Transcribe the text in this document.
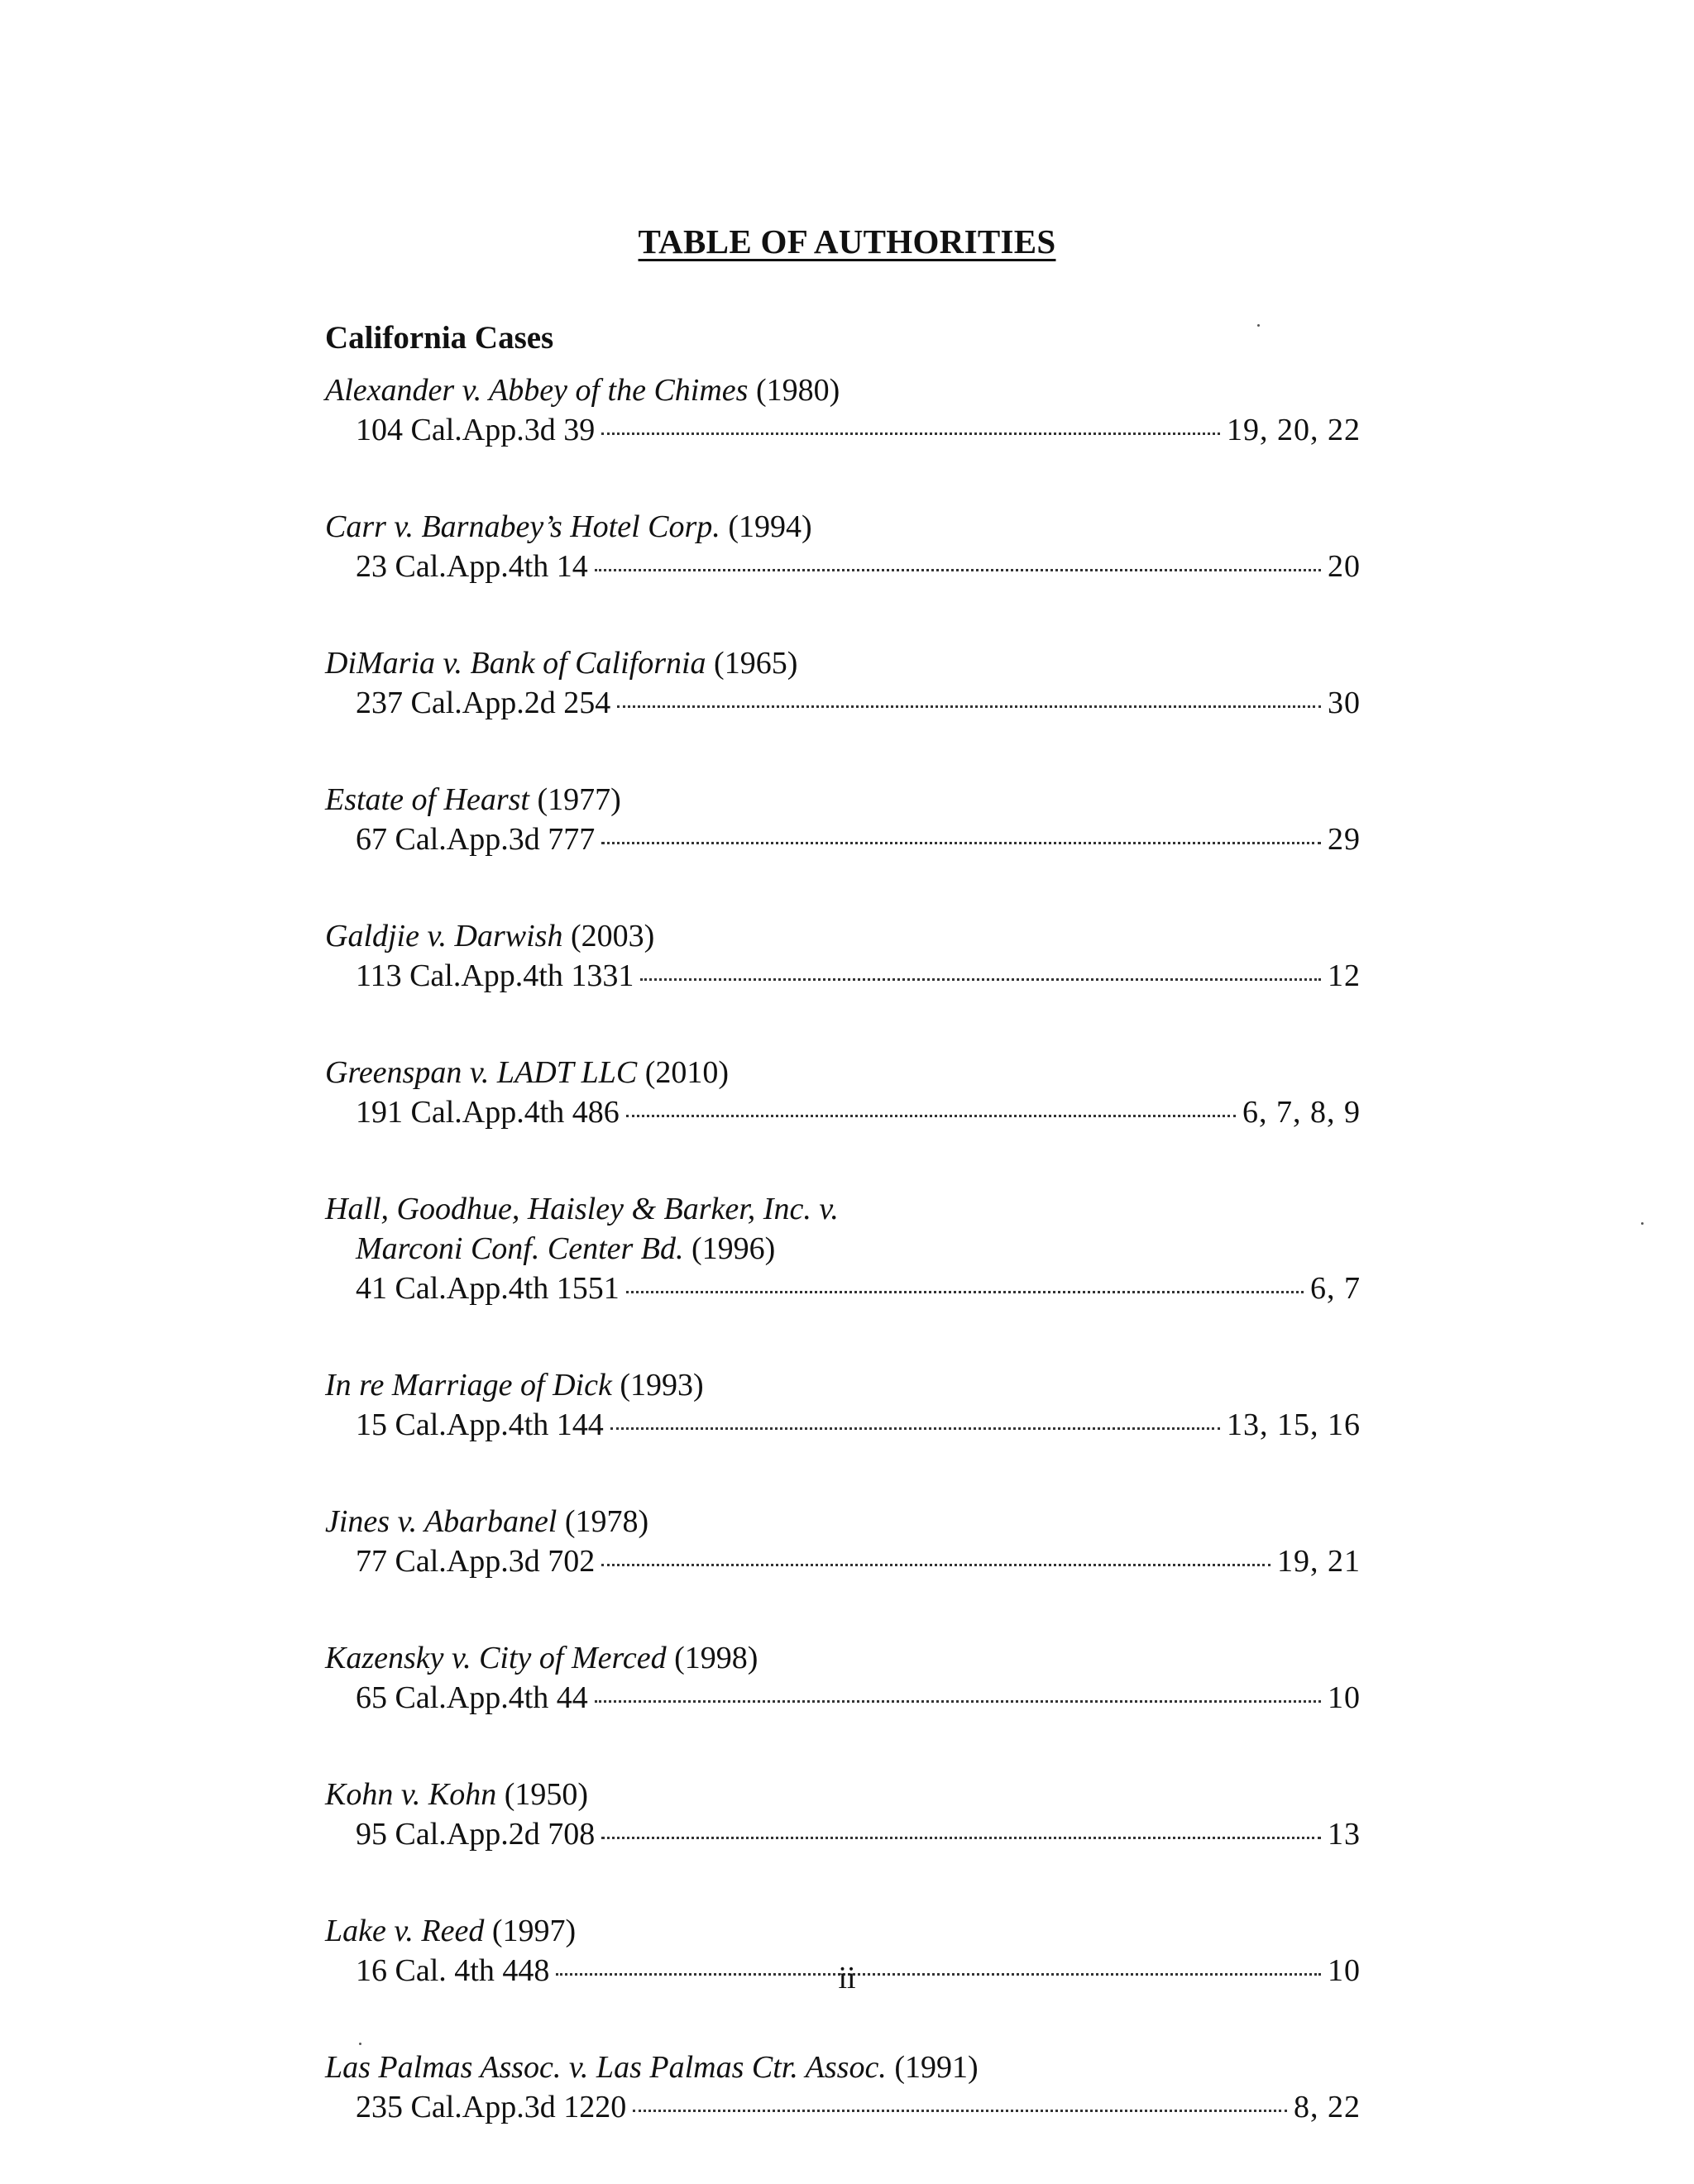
TABLE OF AUTHORITIES
California Cases
Alexander v. Abbey of the Chimes (1980)
104 Cal.App.3d 39	19, 20, 22
Carr v. Barnabey’s Hotel Corp. (1994)
23 Cal.App.4th 14	20
DiMaria v. Bank of California (1965)
237 Cal.App.2d 254	30
Estate of Hearst (1977)
67 Cal.App.3d 777	29
Galdjie v. Darwish (2003)
113 Cal.App.4th 1331	12
Greenspan v. LADT LLC (2010)
191 Cal.App.4th 486	6, 7, 8, 9
Hall, Goodhue, Haisley & Barker, Inc. v.
Marconi Conf. Center Bd. (1996)
41 Cal.App.4th 1551	6, 7
In re Marriage of Dick (1993)
15 Cal.App.4th 144	13, 15, 16
Jines v. Abarbanel (1978)
77 Cal.App.3d 702	19, 21
Kazensky v. City of Merced (1998)
65 Cal.App.4th 44	10
Kohn v. Kohn (1950)
95 Cal.App.2d 708	13
Lake v. Reed (1997)
16 Cal. 4th 448	10
Las Palmas Assoc. v. Las Palmas Ctr. Assoc. (1991)
235 Cal.App.3d 1220	8, 22
ii
